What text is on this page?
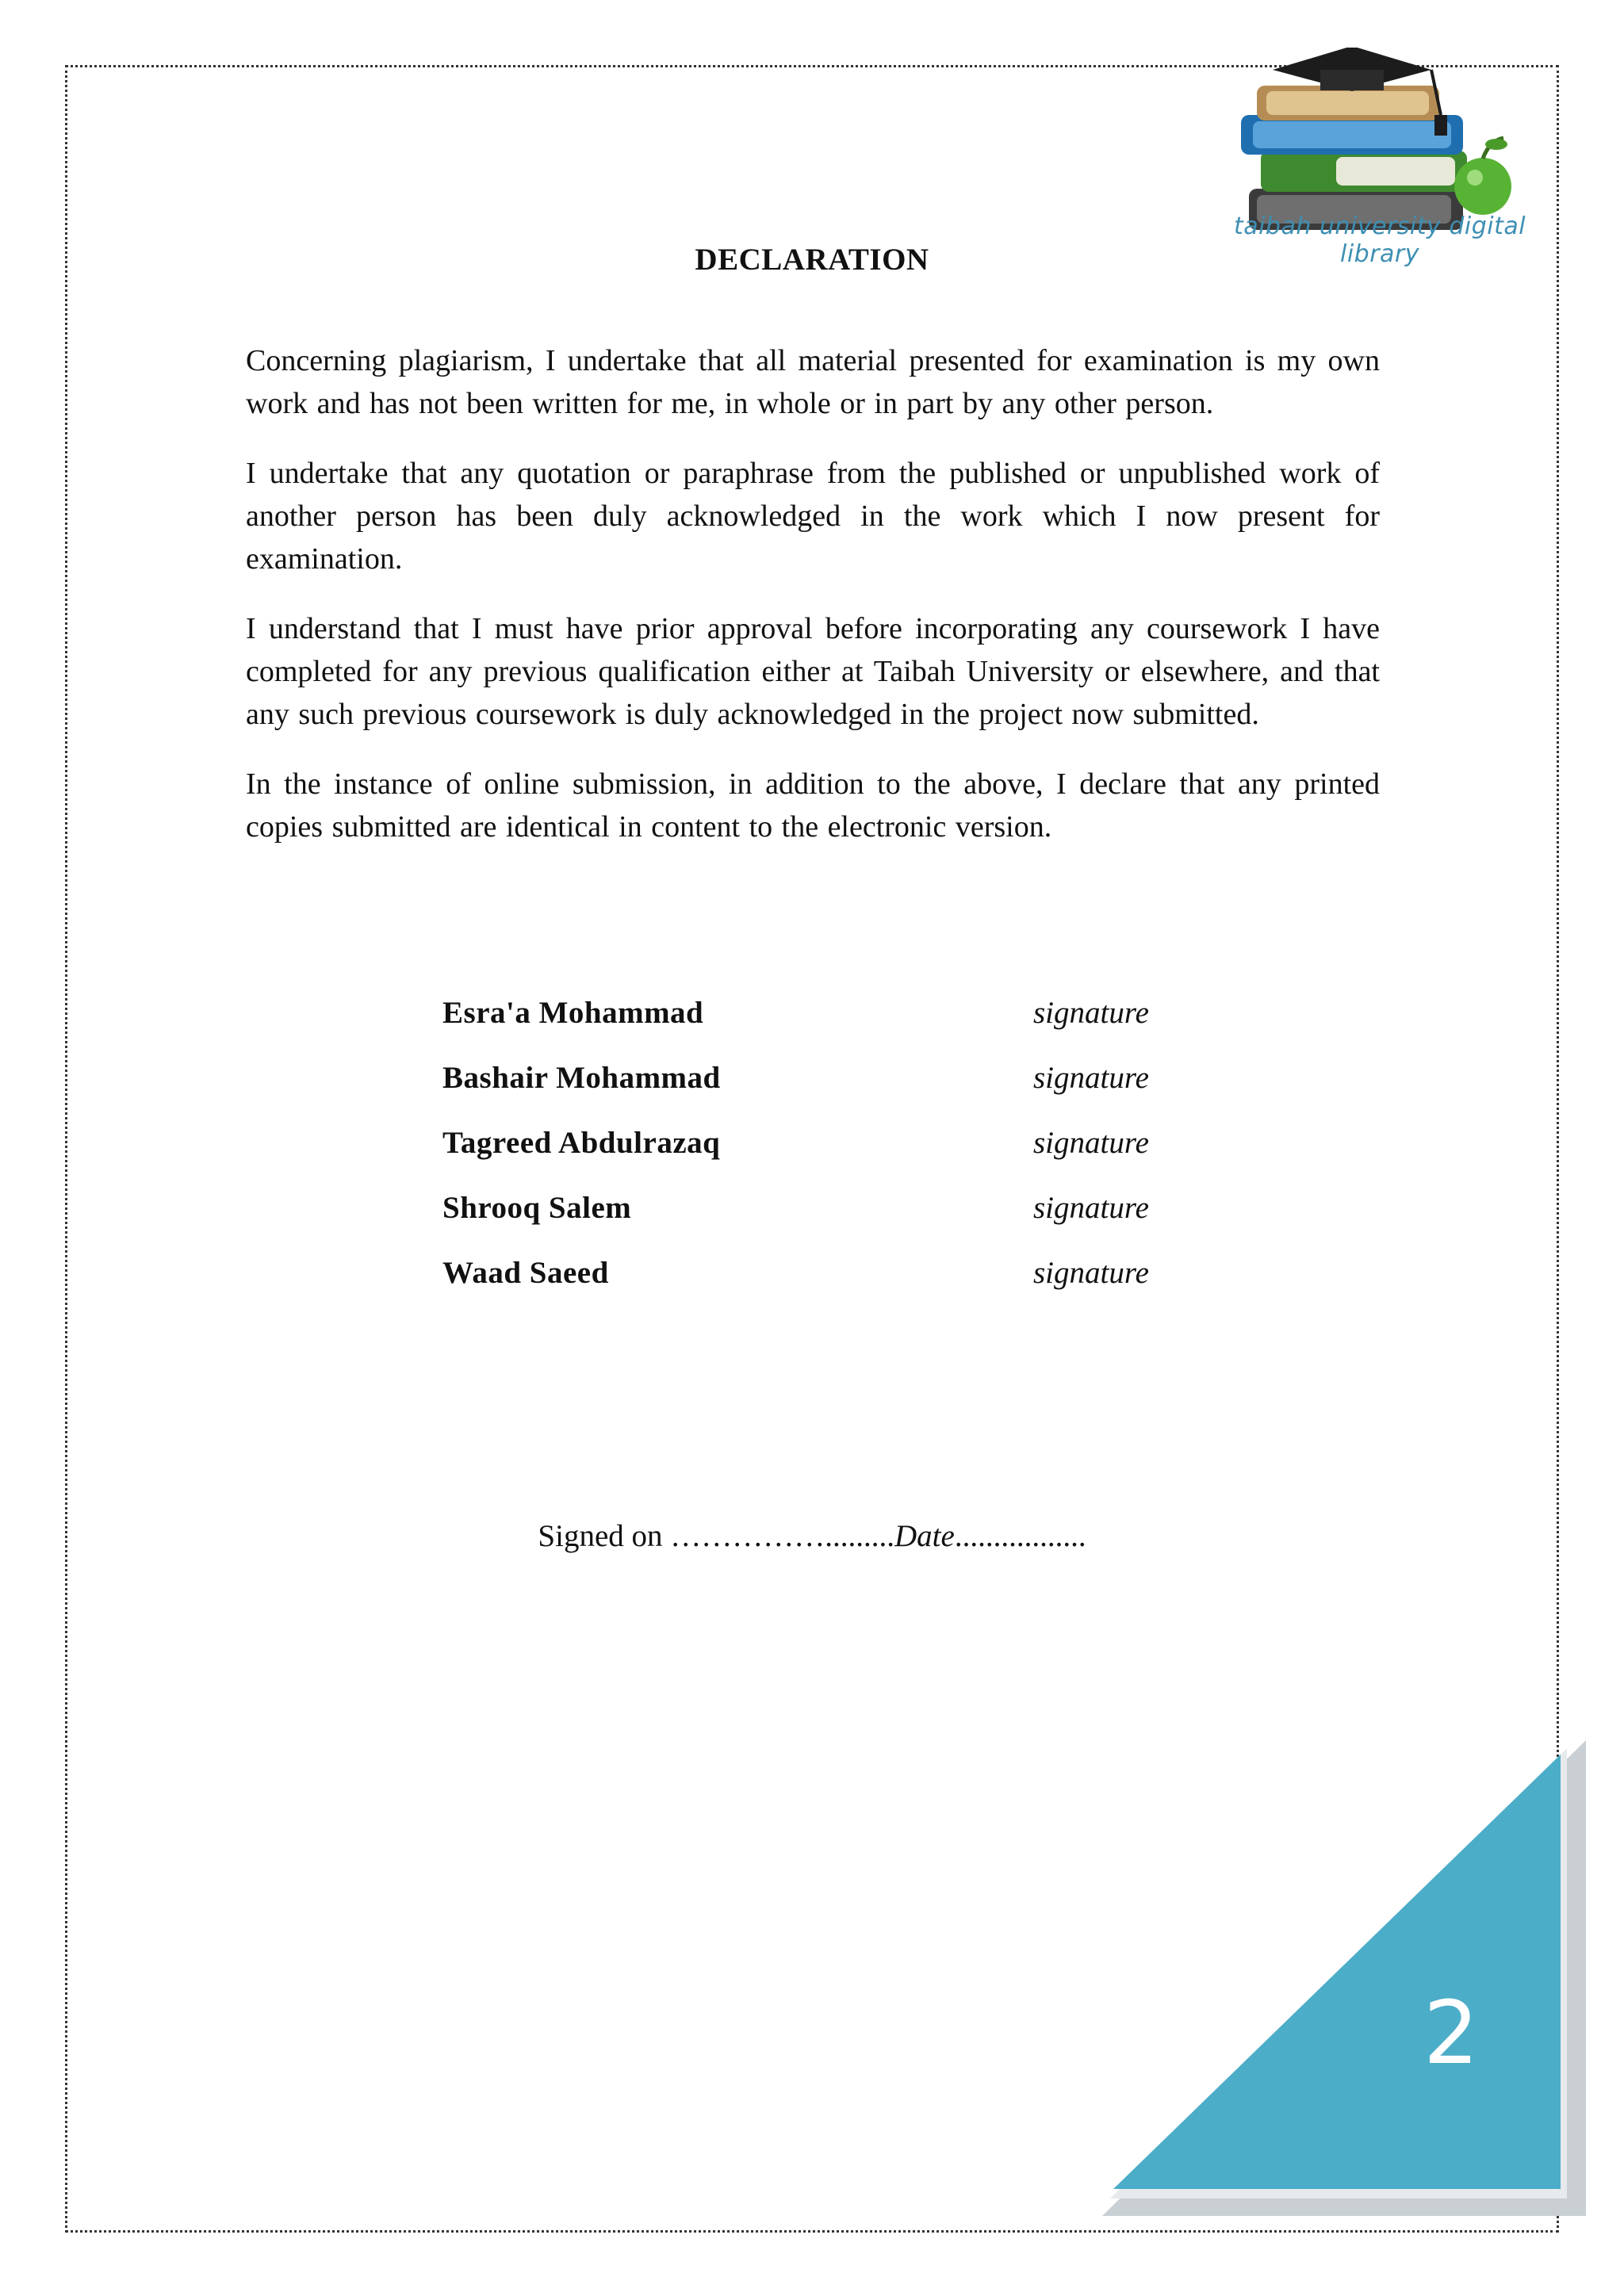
taibah university digital library
DECLARATION

Concerning plagiarism, I undertake that all material presented for examination is my own work and has not been written for me, in whole or in part by any other person.

I undertake that any quotation or paraphrase from the published or unpublished work of another person has been duly acknowledged in the work which I now present for examination.

I understand that I must have prior approval before incorporating any coursework I have completed for any previous qualification either at Taibah University or elsewhere, and that any such previous coursework is duly acknowledged in the project now submitted.

In the instance of online submission, in addition to the above, I declare that any printed copies submitted are identical in content to the electronic version.

Esra'a Mohammad	signature
Bashair Mohammad	signature
Tagreed Abdulrazaq	signature
Shrooq Salem	signature
Waad Saeed	signature
Signed on …………….........Date.................
2
